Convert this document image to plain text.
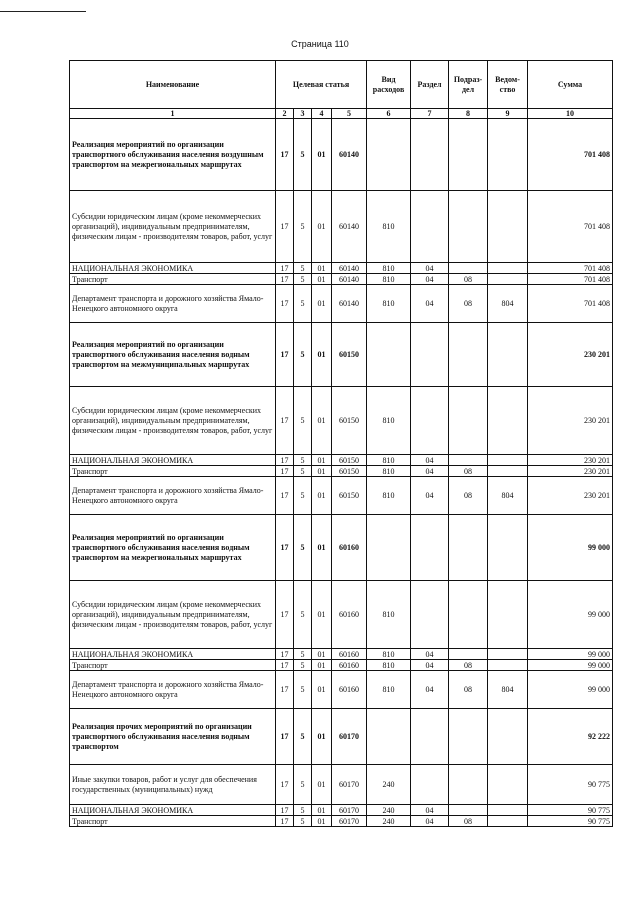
Страница 110
Наименование	Целевая статья				Вид расходов	Раздел	Подраз-дел	Ведом-ство	Сумма
1	2	3	4	5	6	7	8	9	10
Реализация мероприятий по организации транспортного обслуживания населения воздушным транспортом на межрегиональных маршрутах	17	5	01	60140					701 408
Субсидии юридическим лицам (кроме некоммерческих организаций), индивидуальным предпринимателям, физическим лицам - производителям товаров, работ, услуг	17	5	01	60140	810				701 408
НАЦИОНАЛЬНАЯ ЭКОНОМИКА	17	5	01	60140	810	04			701 408
Транспорт	17	5	01	60140	810	04	08		701 408
Департамент транспорта и дорожного хозяйства Ямало-Ненецкого автономного округа	17	5	01	60140	810	04	08	804	701 408
Реализация мероприятий по организации транспортного обслуживания населения водным транспортом на межмуниципальных маршрутах	17	5	01	60150					230 201
Субсидии юридическим лицам (кроме некоммерческих организаций), индивидуальным предпринимателям, физическим лицам - производителям товаров, работ, услуг	17	5	01	60150	810				230 201
НАЦИОНАЛЬНАЯ ЭКОНОМИКА	17	5	01	60150	810	04			230 201
Транспорт	17	5	01	60150	810	04	08		230 201
Департамент транспорта и дорожного хозяйства Ямало-Ненецкого автономного округа	17	5	01	60150	810	04	08	804	230 201
Реализация мероприятий по организации транспортного обслуживания населения водным транспортом на межрегиональных маршрутах	17	5	01	60160					99 000
Субсидии юридическим лицам (кроме некоммерческих организаций), индивидуальным предпринимателям, физическим лицам - производителям товаров, работ, услуг	17	5	01	60160	810				99 000
НАЦИОНАЛЬНАЯ ЭКОНОМИКА	17	5	01	60160	810	04			99 000
Транспорт	17	5	01	60160	810	04	08		99 000
Департамент транспорта и дорожного хозяйства Ямало-Ненецкого автономного округа	17	5	01	60160	810	04	08	804	99 000
Реализация прочих мероприятий по организации транспортного обслуживания населения водным транспортом	17	5	01	60170					92 222
Иные закупки товаров, работ и услуг для обеспечения государственных (муниципальных) нужд	17	5	01	60170	240				90 775
НАЦИОНАЛЬНАЯ ЭКОНОМИКА	17	5	01	60170	240	04			90 775
Транспорт	17	5	01	60170	240	04	08		90 775
